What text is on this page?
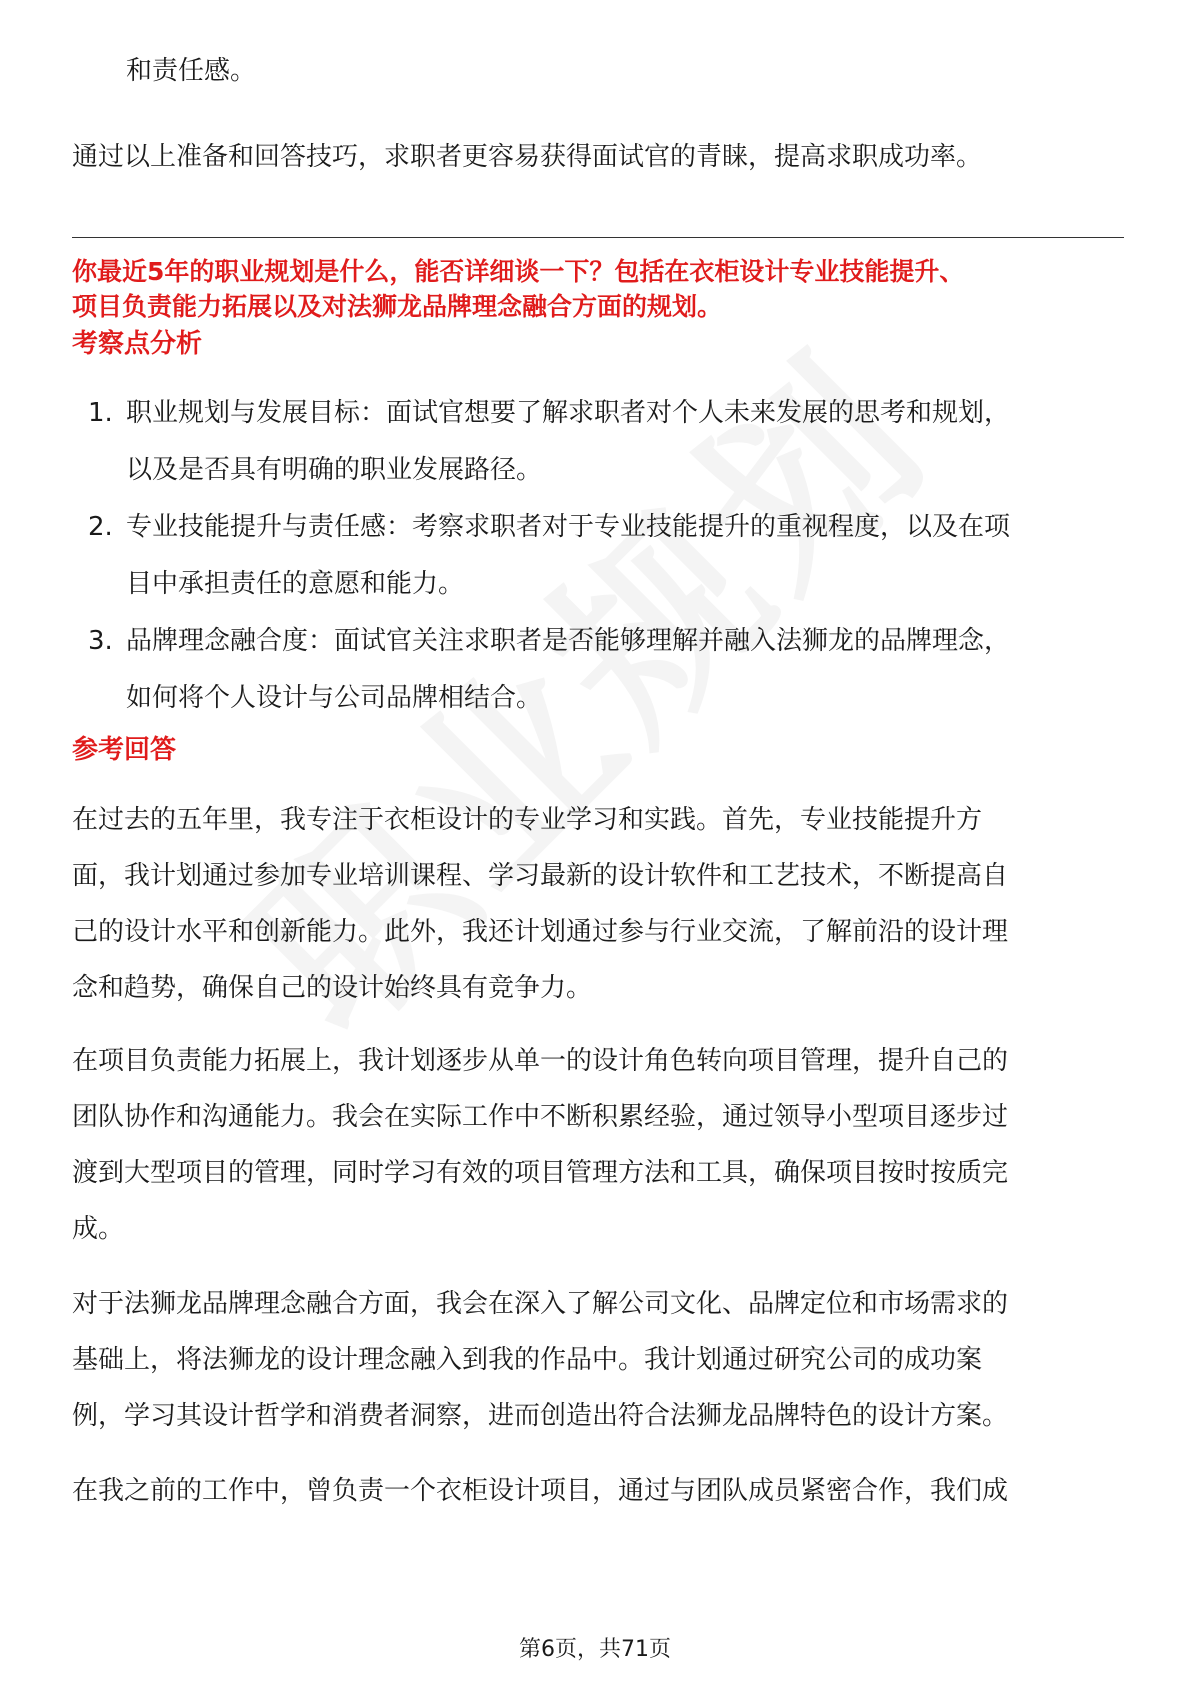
和责任感。
通过以上准备和回答技巧，求职者更容易获得面试官的青睐，提高求职成功率。
你最近5年的职业规划是什么，能否详细谈一下？包括在衣柜设计专业技能提升、
项目负责能力拓展以及对法狮龙品牌理念融合方面的规划。
考察点分析
1. 职业规划与发展目标：面试官想要了解求职者对个人未来发展的思考和规划，
以及是否具有明确的职业发展路径。
2. 专业技能提升与责任感：考察求职者对于专业技能提升的重视程度，以及在项
目中承担责任的意愿和能力。
3. 品牌理念融合度：面试官关注求职者是否能够理解并融入法狮龙的品牌理念，
如何将个人设计与公司品牌相结合。
参考回答
在过去的五年里，我专注于衣柜设计的专业学习和实践。首先，专业技能提升方
面，我计划通过参加专业培训课程、学习最新的设计软件和工艺技术，不断提高自
己的设计水平和创新能力。此外，我还计划通过参与行业交流，了解前沿的设计理
念和趋势，确保自己的设计始终具有竞争力。
在项目负责能力拓展上，我计划逐步从单一的设计角色转向项目管理，提升自己的
团队协作和沟通能力。我会在实际工作中不断积累经验，通过领导小型项目逐步过
渡到大型项目的管理，同时学习有效的项目管理方法和工具，确保项目按时按质完
成。
对于法狮龙品牌理念融合方面，我会在深入了解公司文化、品牌定位和市场需求的
基础上，将法狮龙的设计理念融入到我的作品中。我计划通过研究公司的成功案
例，学习其设计哲学和消费者洞察，进而创造出符合法狮龙品牌特色的设计方案。
在我之前的工作中，曾负责一个衣柜设计项目，通过与团队成员紧密合作，我们成
第6页，共71页
